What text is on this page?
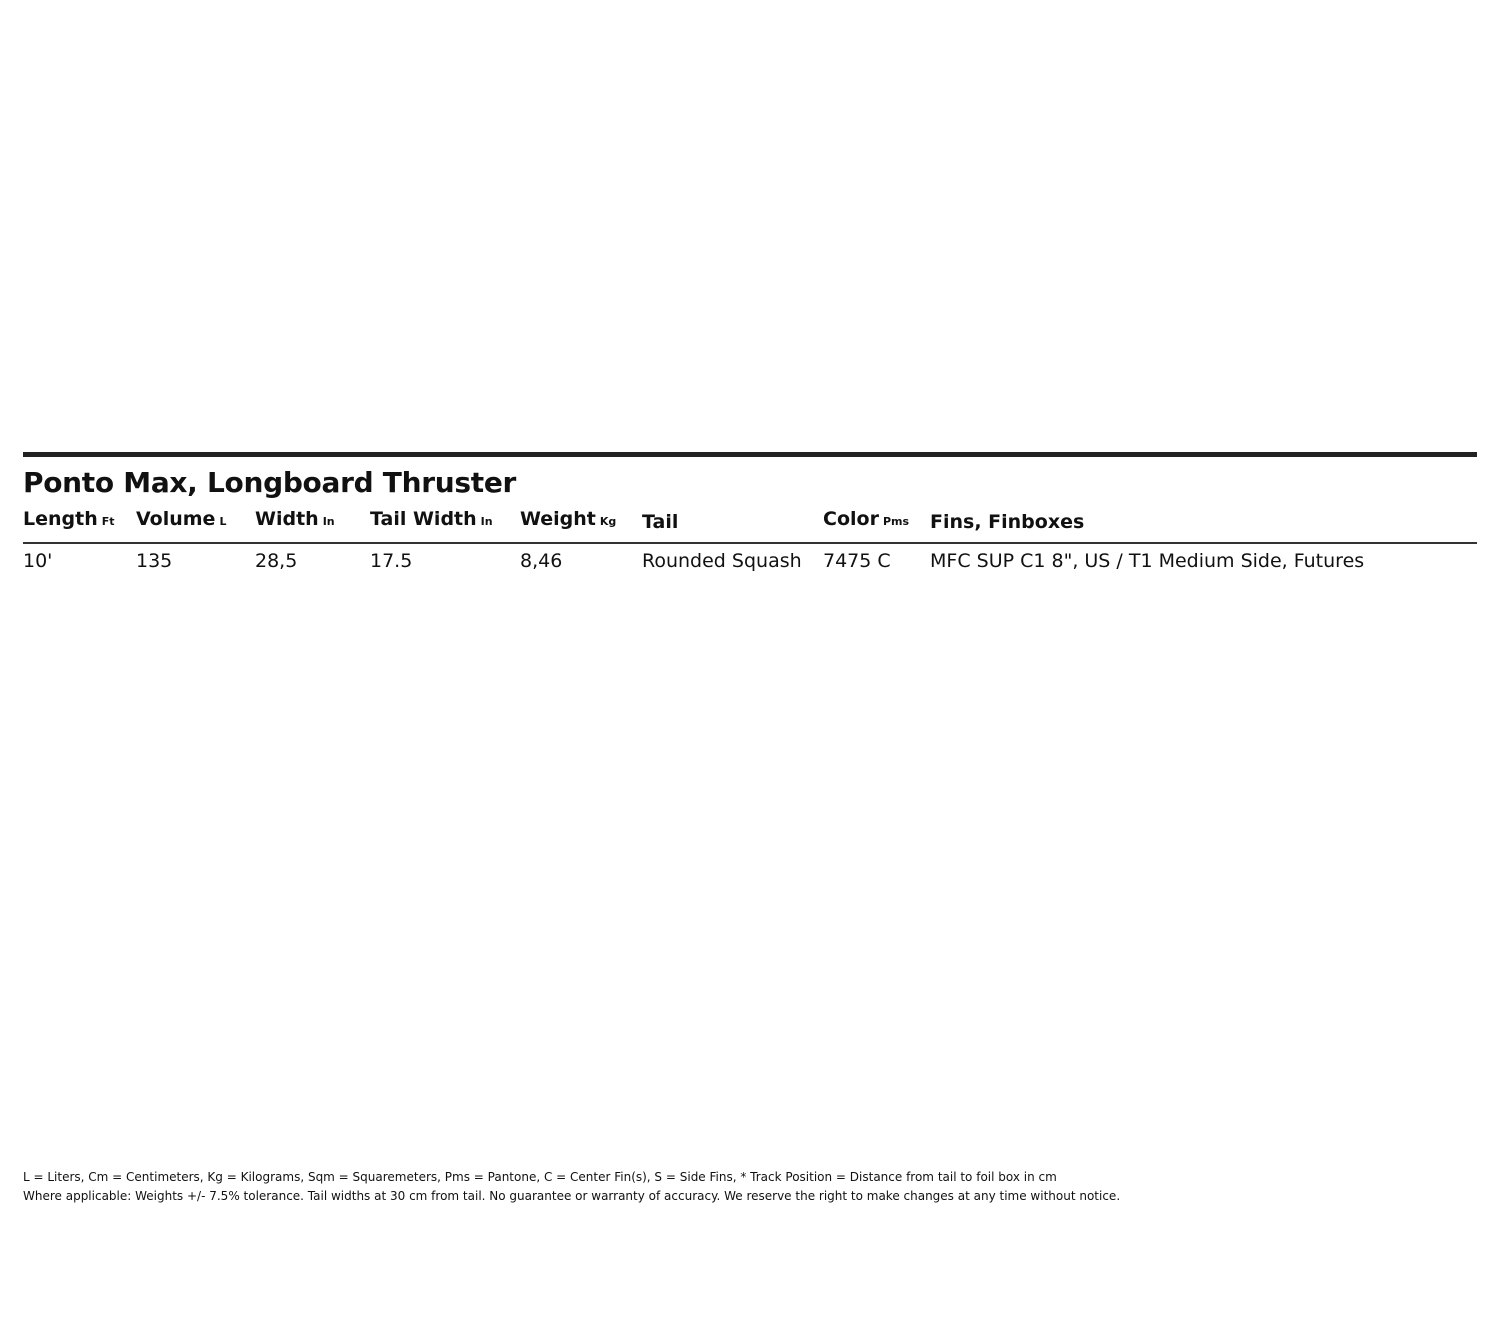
Ponto Max, Longboard Thruster
Length Ft	Volume L	Width In	Tail Width In	Weight Kg	Tail	Color Pms	Fins, Finboxes
10'	135	28,5	17.5	8,46	Rounded Squash	7475 C	MFC SUP C1 8", US / T1 Medium Side, Futures
L = Liters, Cm = Centimeters, Kg = Kilograms, Sqm = Squaremeters, Pms = Pantone, C = Center Fin(s), S = Side Fins, * Track Position = Distance from tail to foil box in cm
Where applicable: Weights +/- 7.5% tolerance. Tail widths at 30 cm from tail. No guarantee or warranty of accuracy. We reserve the right to make changes at any time without notice.
